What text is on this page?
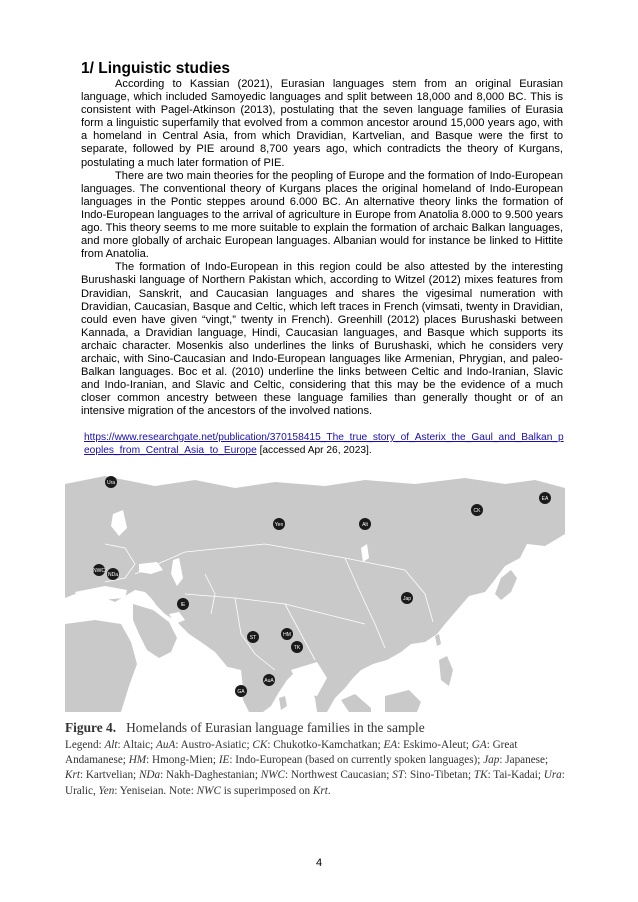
1/ Linguistic studies

According to Kassian (2021), Eurasian languages stem from an original Eurasian language, which included Samoyedic languages and split between 18,000 and 8,000 BC. This is consistent with Pagel-Atkinson (2013), postulating that the seven language families of Eurasia form a linguistic superfamily that evolved from a common ancestor around 15,000 years ago, with a homeland in Central Asia, from which Dravidian, Kartvelian, and Basque were the first to separate, followed by PIE around 8,700 years ago, which contradicts the theory of Kurgans, postulating a much later formation of PIE.

There are two main theories for the peopling of Europe and the formation of Indo-European languages. The conventional theory of Kurgans places the original homeland of Indo-European languages in the Pontic steppes around 6.000 BC. An alternative theory links the formation of Indo-European languages to the arrival of agriculture in Europe from Anatolia 8.000 to 9.500 years ago. This theory seems to me more suitable to explain the formation of archaic Balkan languages, and more globally of archaic European languages. Albanian would for instance be linked to Hittite from Anatolia.

The formation of Indo-European in this region could be also attested by the interesting Burushaski language of Northern Pakistan which, according to Witzel (2012) mixes features from Dravidian, Sanskrit, and Caucasian languages and shares the vigesimal numeration with Dravidian, Caucasian, Basque and Celtic, which left traces in French (vimsati, twenty in Dravidian, could even have given “vingt,” twenty in French). Greenhill (2012) places Burushaski between Kannada, a Dravidian language, Hindi, Caucasian languages, and Basque which supports its archaic character. Mosenkis also underlines the links of Burushaski, which he considers very archaic, with Sino-Caucasian and Indo-European languages like Armenian, Phrygian, and paleo-Balkan languages. Boc et al. (2010) underline the links between Celtic and Indo-Iranian, Slavic and Indo-Iranian, and Slavic and Celtic, considering that this may be the evidence of a much closer common ancestry between these language families than generally thought or of an intensive migration of the ancestors of the involved nations.

https://www.researchgate.net/publication/370158415_The_true_story_of_Asterix_the_Gaul_and_Balkan_peoples_from_Central_Asia_to_Europe [accessed Apr 26, 2023].
Ura
Yen	Alt
CK
EA
NWC
NDa
IE
Jap
ST	HM
TK
GA
AuA
Figure 4. Homelands of Eurasian language families in the sample
Legend: Alt: Altaic; AuA: Austro-Asiatic; CK: Chukotko-Kamchatkan; EA: Eskimo-Aleut; GA: Great Andamanese; HM: Hmong-Mien; IE: Indo-European (based on currently spoken languages); Jap: Japanese; Krt: Kartvelian; NDa: Nakh-Daghestanian; NWC: Northwest Caucasian; ST: Sino-Tibetan; TK: Tai-Kadai; Ura: Uralic, Yen: Yeniseian. Note: NWC is superimposed on Krt.
4
